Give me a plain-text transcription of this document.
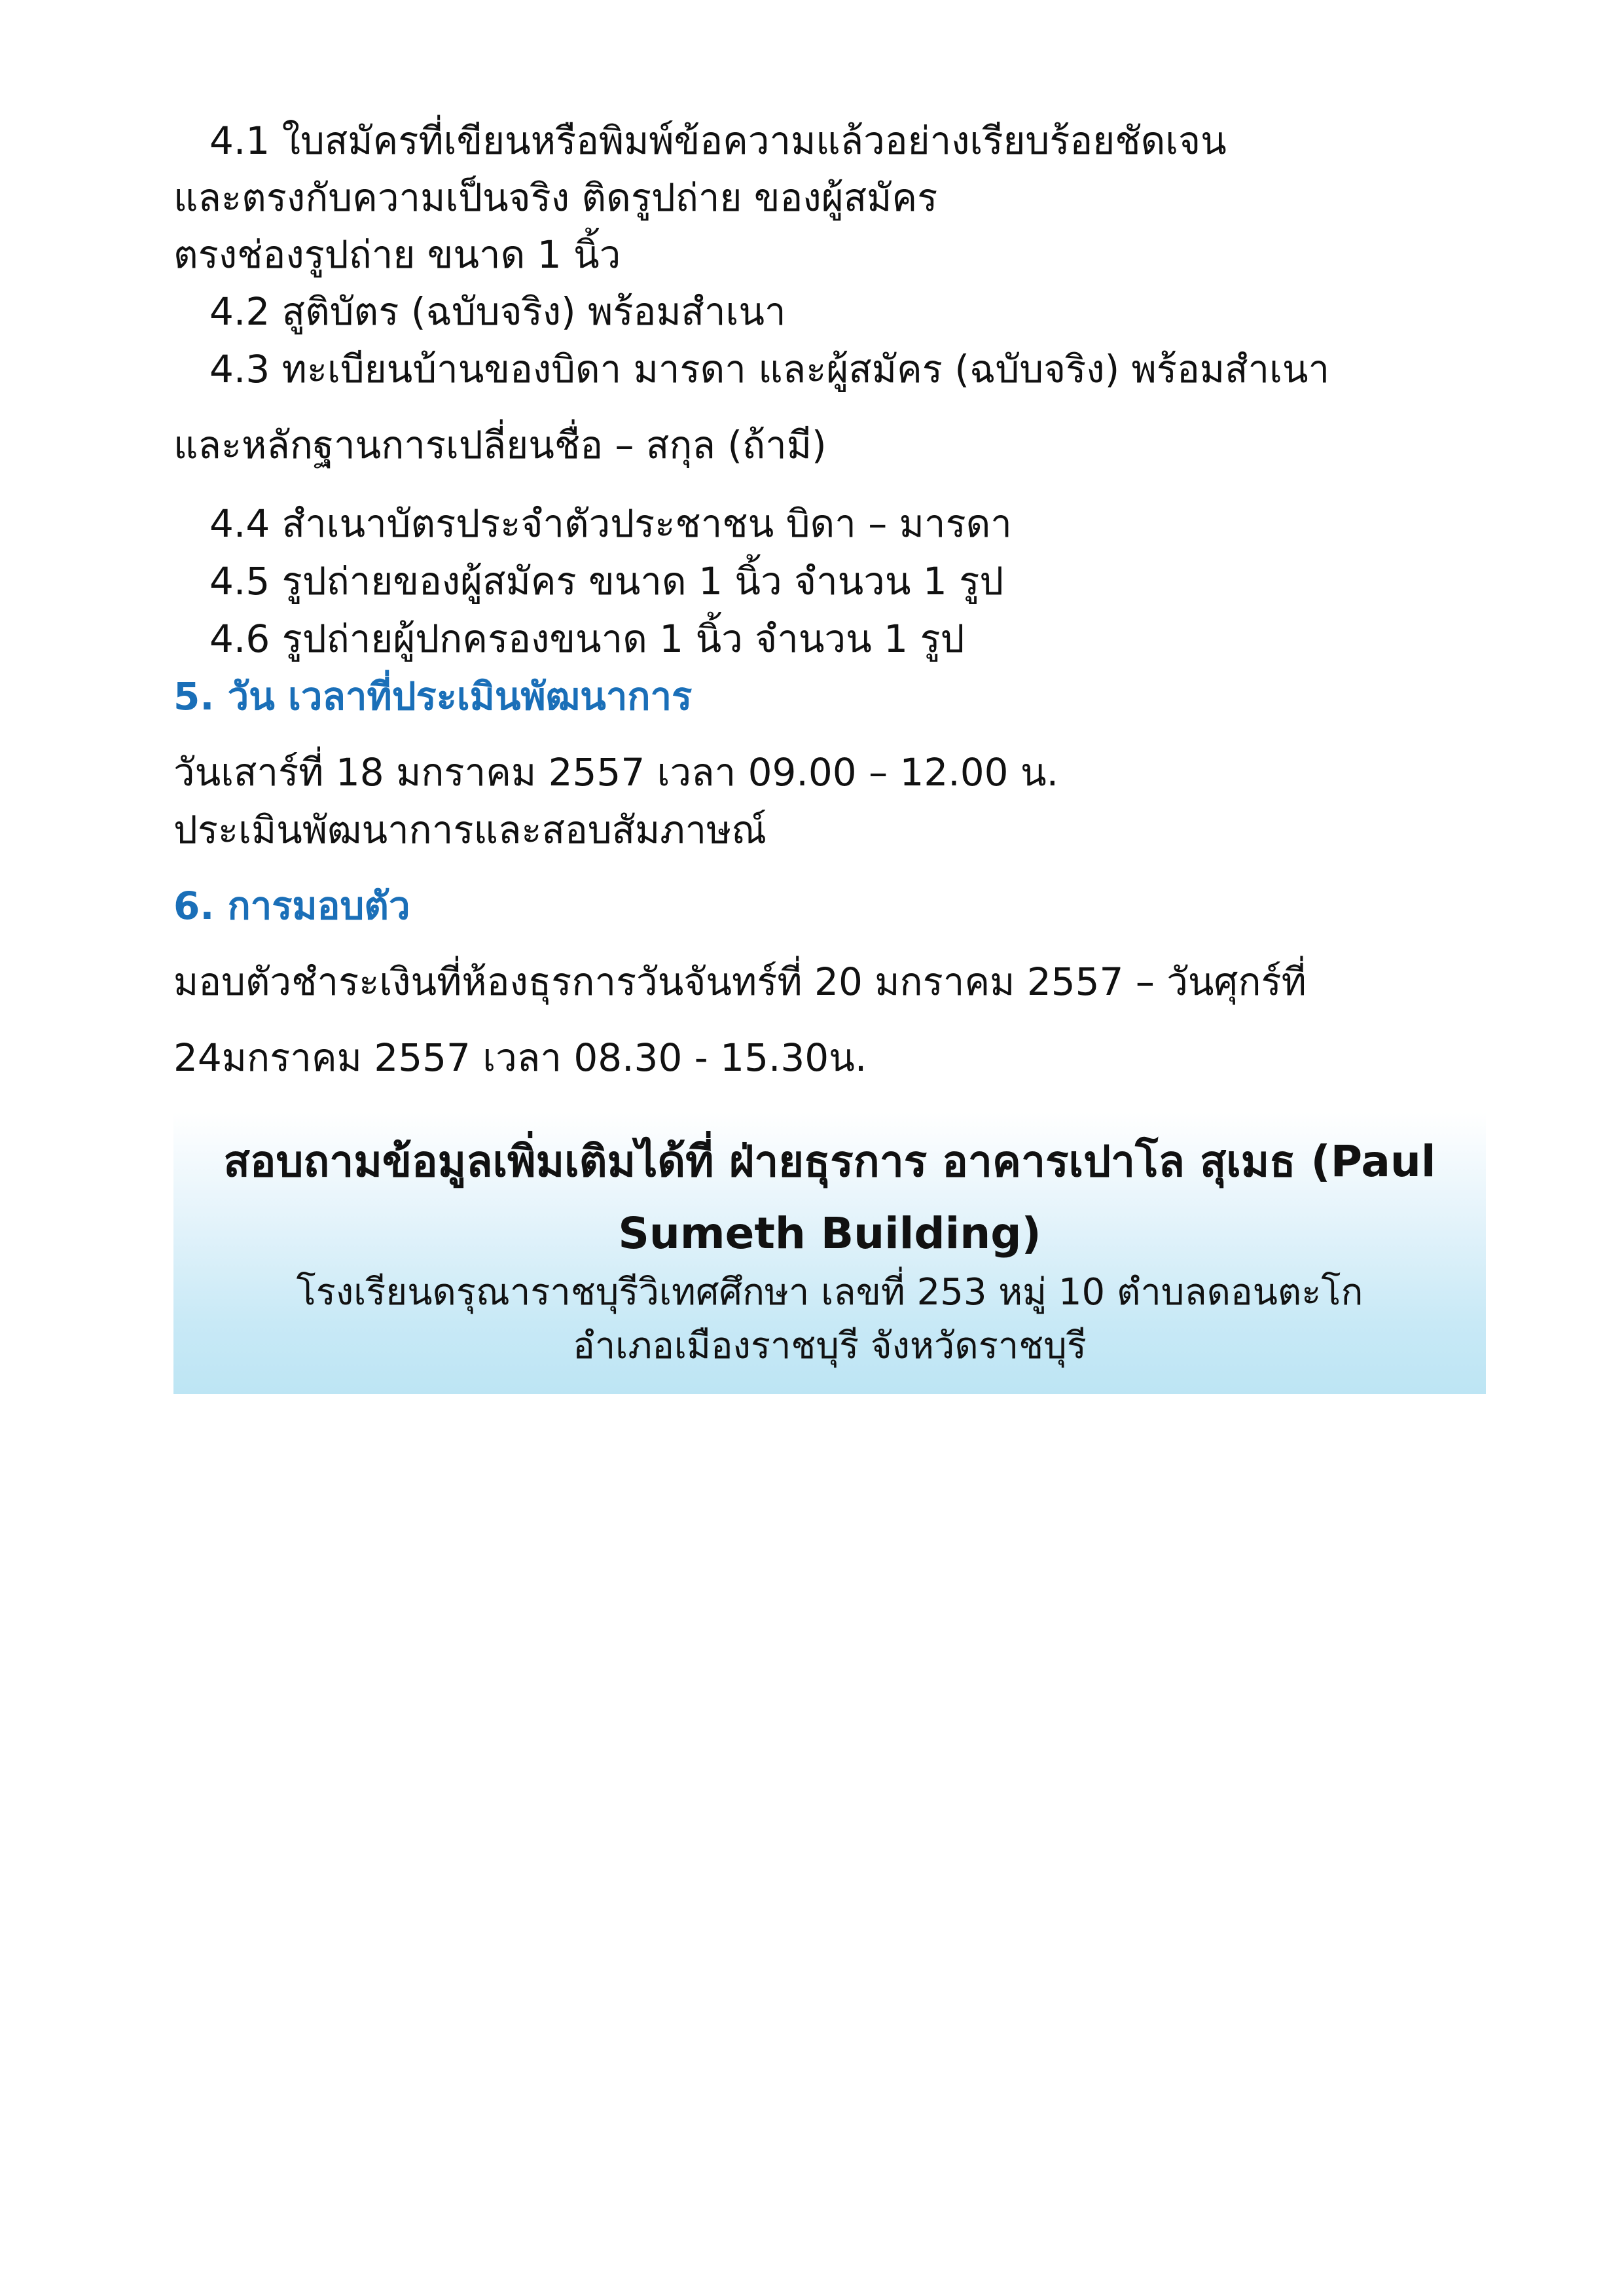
4.1 ใบสมัครที่เขียนหรือพิมพ์ข้อความแล้วอย่างเรียบร้อยชัดเจน
และตรงกับความเป็นจริง ติดรูปถ่าย ของผู้สมัคร
ตรงช่องรูปถ่าย ขนาด 1 นิ้ว
4.2 สูติบัตร (ฉบับจริง) พร้อมสำเนา
4.3 ทะเบียนบ้านของบิดา มารดา และผู้สมัคร (ฉบับจริง) พร้อมสำเนา
และหลักฐานการเปลี่ยนชื่อ – สกุล (ถ้ามี)
4.4 สำเนาบัตรประจำตัวประชาชน บิดา – มารดา
4.5 รูปถ่ายของผู้สมัคร ขนาด 1 นิ้ว จำนวน 1 รูป
4.6 รูปถ่ายผู้ปกครองขนาด 1 นิ้ว จำนวน 1 รูป
5. วัน เวลาที่ประเมินพัฒนาการ
วันเสาร์ที่ 18 มกราคม 2557 เวลา 09.00 – 12.00 น.
ประเมินพัฒนาการและสอบสัมภาษณ์
6. การมอบตัว
มอบตัวชำระเงินที่ห้องธุรการวันจันทร์ที่ 20 มกราคม 2557 – วันศุกร์ที่
24มกราคม 2557 เวลา 08.30 - 15.30น.
สอบถามข้อมูลเพิ่มเติมได้ที่ ฝ่ายธุรการ อาคารเปาโล สุเมธ (Paul
Sumeth Building)
โรงเรียนดรุณาราชบุรีวิเทศศึกษา เลขที่ 253 หมู่ 10 ตำบลดอนตะโก
อำเภอเมืองราชบุรี จังหวัดราชบุรี
